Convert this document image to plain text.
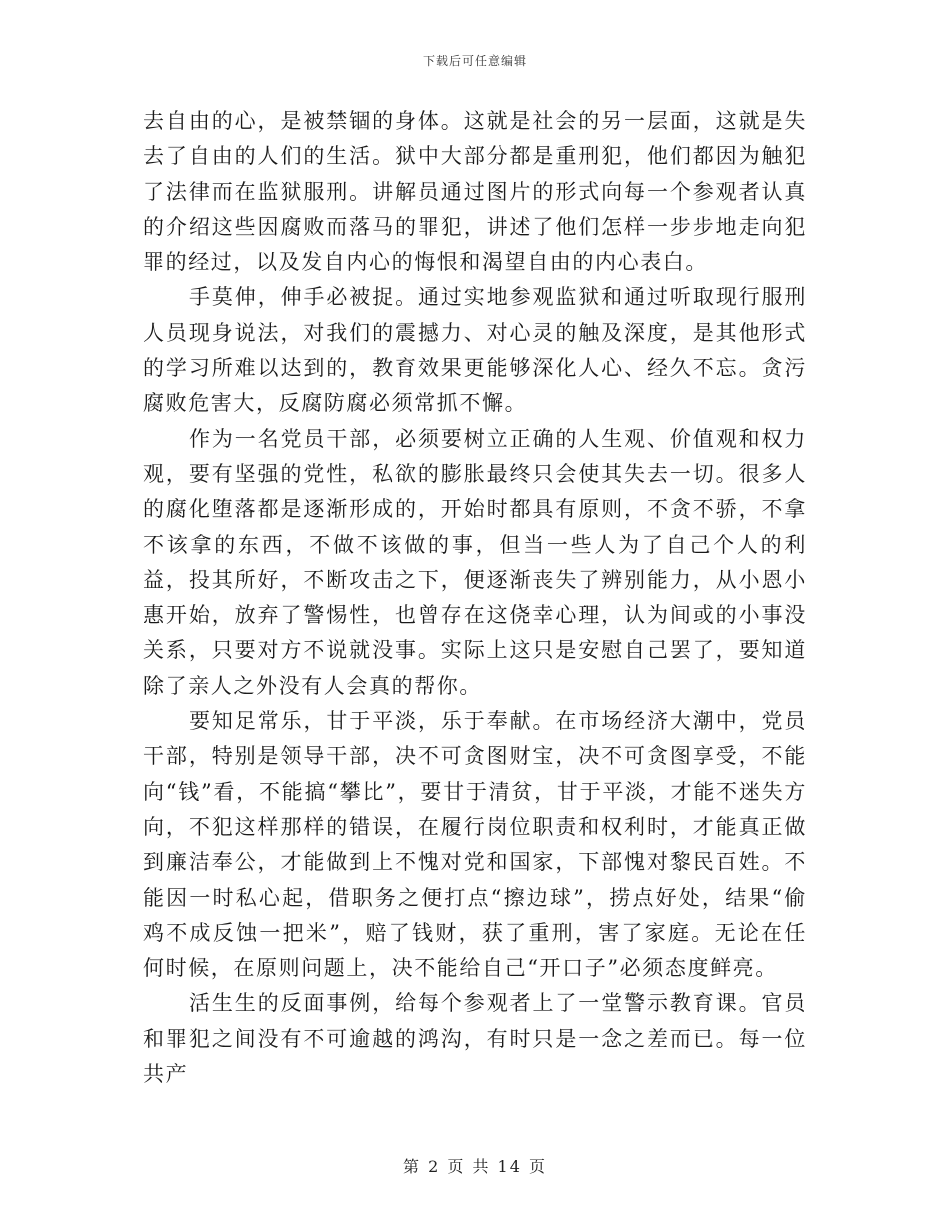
下载后可任意编辑

去自由的心，是被禁锢的身体。这就是社会的另一层面，这就是失去了自由的人们的生活。狱中大部分都是重刑犯，他们都因为触犯了法律而在监狱服刑。讲解员通过图片的形式向每一个参观者认真的介绍这些因腐败而落马的罪犯，讲述了他们怎样一步步地走向犯罪的经过，以及发自内心的悔恨和渴望自由的内心表白。

手莫伸，伸手必被捉。通过实地参观监狱和通过听取现行服刑人员现身说法，对我们的震撼力、对心灵的触及深度，是其他形式的学习所难以达到的，教育效果更能够深化人心、经久不忘。贪污腐败危害大，反腐防腐必须常抓不懈。

作为一名党员干部，必须要树立正确的人生观、价值观和权力观，要有坚强的党性，私欲的膨胀最终只会使其失去一切。很多人的腐化堕落都是逐渐形成的，开始时都具有原则，不贪不骄，不拿不该拿的东西，不做不该做的事，但当一些人为了自己个人的利益，投其所好，不断攻击之下，便逐渐丧失了辨别能力，从小恩小惠开始，放弃了警惕性，也曾存在这侥幸心理，认为间或的小事没关系，只要对方不说就没事。实际上这只是安慰自己罢了，要知道除了亲人之外没有人会真的帮你。

要知足常乐，甘于平淡，乐于奉献。在市场经济大潮中，党员干部，特别是领导干部，决不可贪图财宝，决不可贪图享受，不能向“钱”看，不能搞“攀比”，要甘于清贫，甘于平淡，才能不迷失方向，不犯这样那样的错误，在履行岗位职责和权利时，才能真正做到廉洁奉公，才能做到上不愧对党和国家，下部愧对黎民百姓。不能因一时私心起，借职务之便打点“擦边球”，捞点好处，结果“偷鸡不成反蚀一把米”，赔了钱财，获了重刑，害了家庭。无论在任何时候，在原则问题上，决不能给自己“开口子”必须态度鲜亮。

活生生的反面事例，给每个参观者上了一堂警示教育课。官员和罪犯之间没有不可逾越的鸿沟，有时只是一念之差而已。每一位共产

第 2 页 共 14 页
